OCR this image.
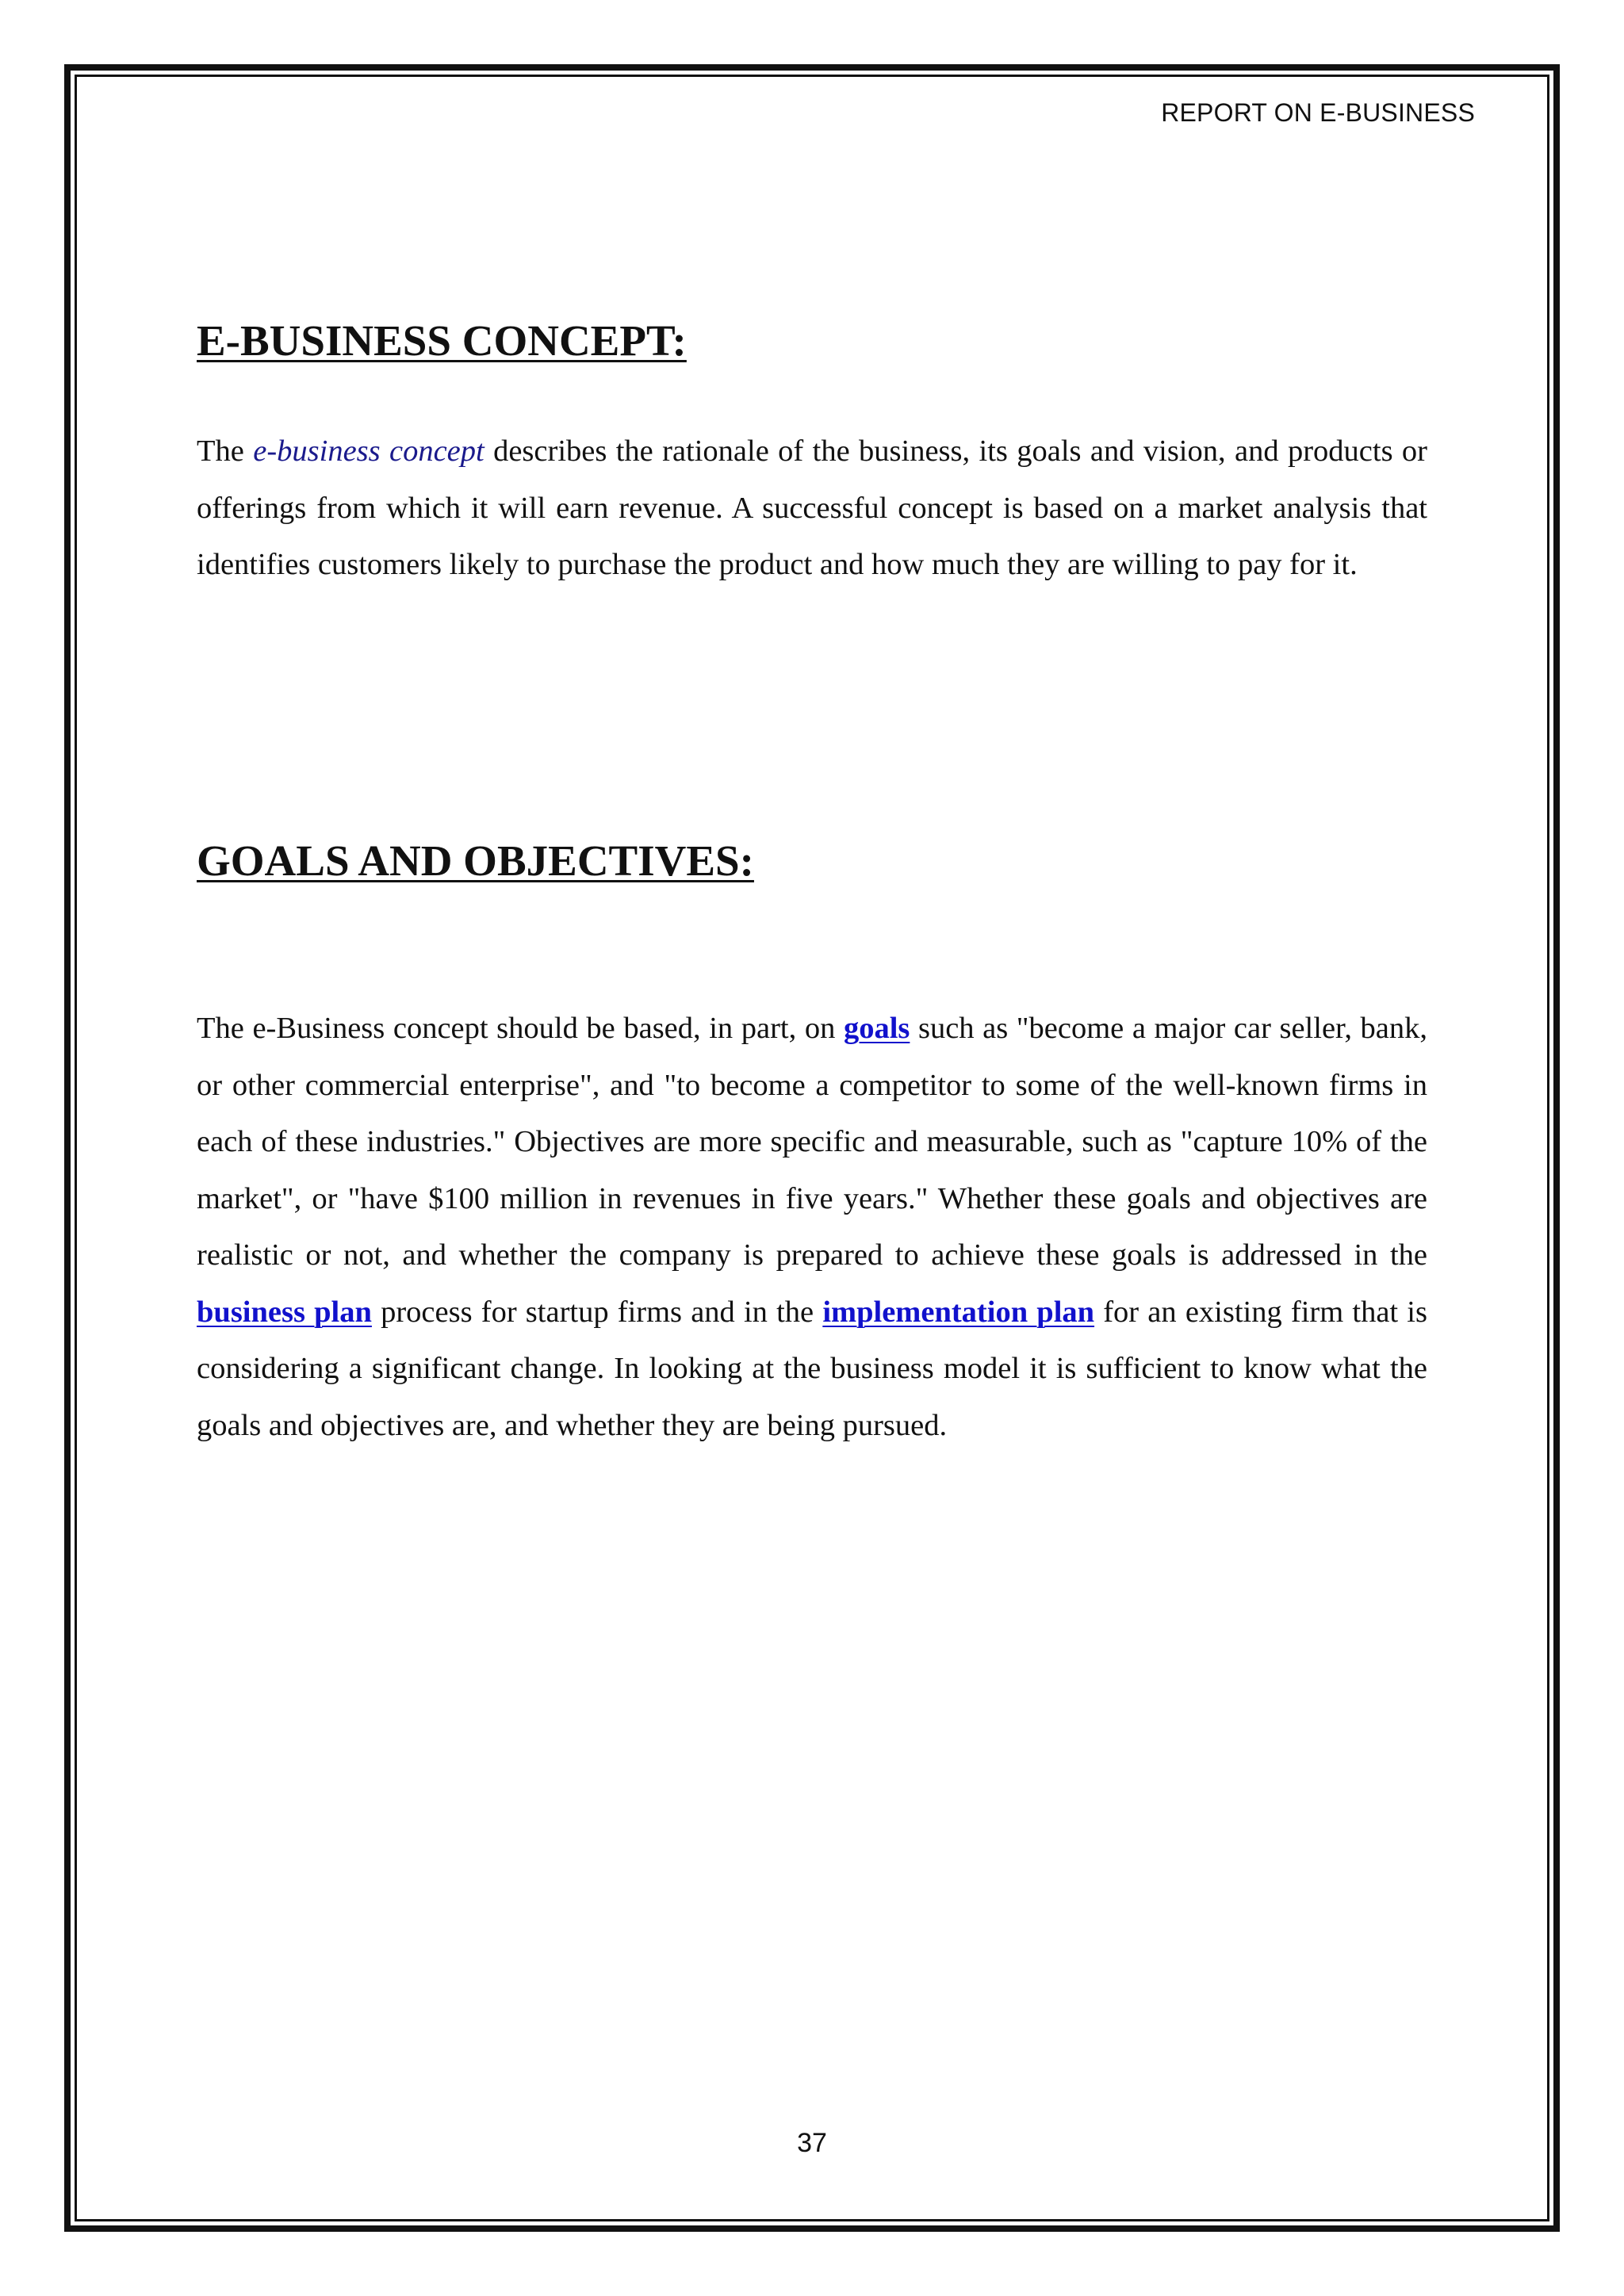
REPORT ON E-BUSINESS
E-BUSINESS CONCEPT:

The e-business concept describes the rationale of the business, its goals and vision, and products or offerings from which it will earn revenue. A successful concept is based on a market analysis that identifies customers likely to purchase the product and how much they are willing to pay for it.

GOALS AND OBJECTIVES:

The e-Business concept should be based, in part, on goals such as "become a major car seller, bank, or other commercial enterprise", and "to become a competitor to some of the well-known firms in each of these industries." Objectives are more specific and measurable, such as "capture 10% of the market", or "have $100 million in revenues in five years." Whether these goals and objectives are realistic or not, and whether the company is prepared to achieve these goals is addressed in the business plan process for startup firms and in the implementation plan for an existing firm that is considering a significant change. In looking at the business model it is sufficient to know what the goals and objectives are, and whether they are being pursued.

37
